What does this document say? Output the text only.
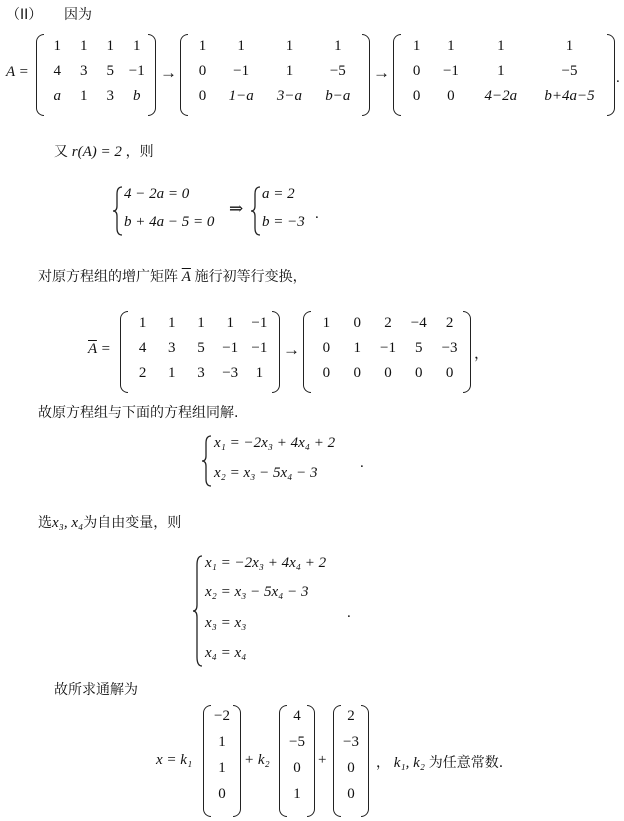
（II） 因为
A =
1	1	1	1
4	3	5 −1
a	1	3	b
→
1	1	1	1
0	−1	1	−5
0	1−a	3−a	b−a
→
1	1	1	1
0	−1	1	−5
0	0	4−2a	b+4a−5
.
又 r(A) = 2 ，则
4 − 2a = 0
b + 4a − 5 = 0
⇒
a = 2
b = −3 .
对原方程组的增广矩阵 $\overline{A}$ 施行初等行变换，
$\overline{A}$ =
1	1	1	1	−1
4	3	5	−1 −1
2	1	3	−3	1
→
1	0	2	−4	2
0	1	−1	5	−3
0	0	0	0	0
，
故原方程组与下面的方程组同解.
x₁ = −2x₃ + 4x₄ + 2
x₂ = x₃ − 5x₄ − 3
.
选x₃, x₄为自由变量，则
x₁ = −2x₃ + 4x₄ + 2
x₂ = x₃ − 5x₄ − 3
x₃ = x₃
x₄ = x₄
.
故所求通解为
x = k₁
−2
1
1
0
+ k₂
4
−5
0
1
+
2
−3
0
0
， k₁, k₂ 为任意常数.
